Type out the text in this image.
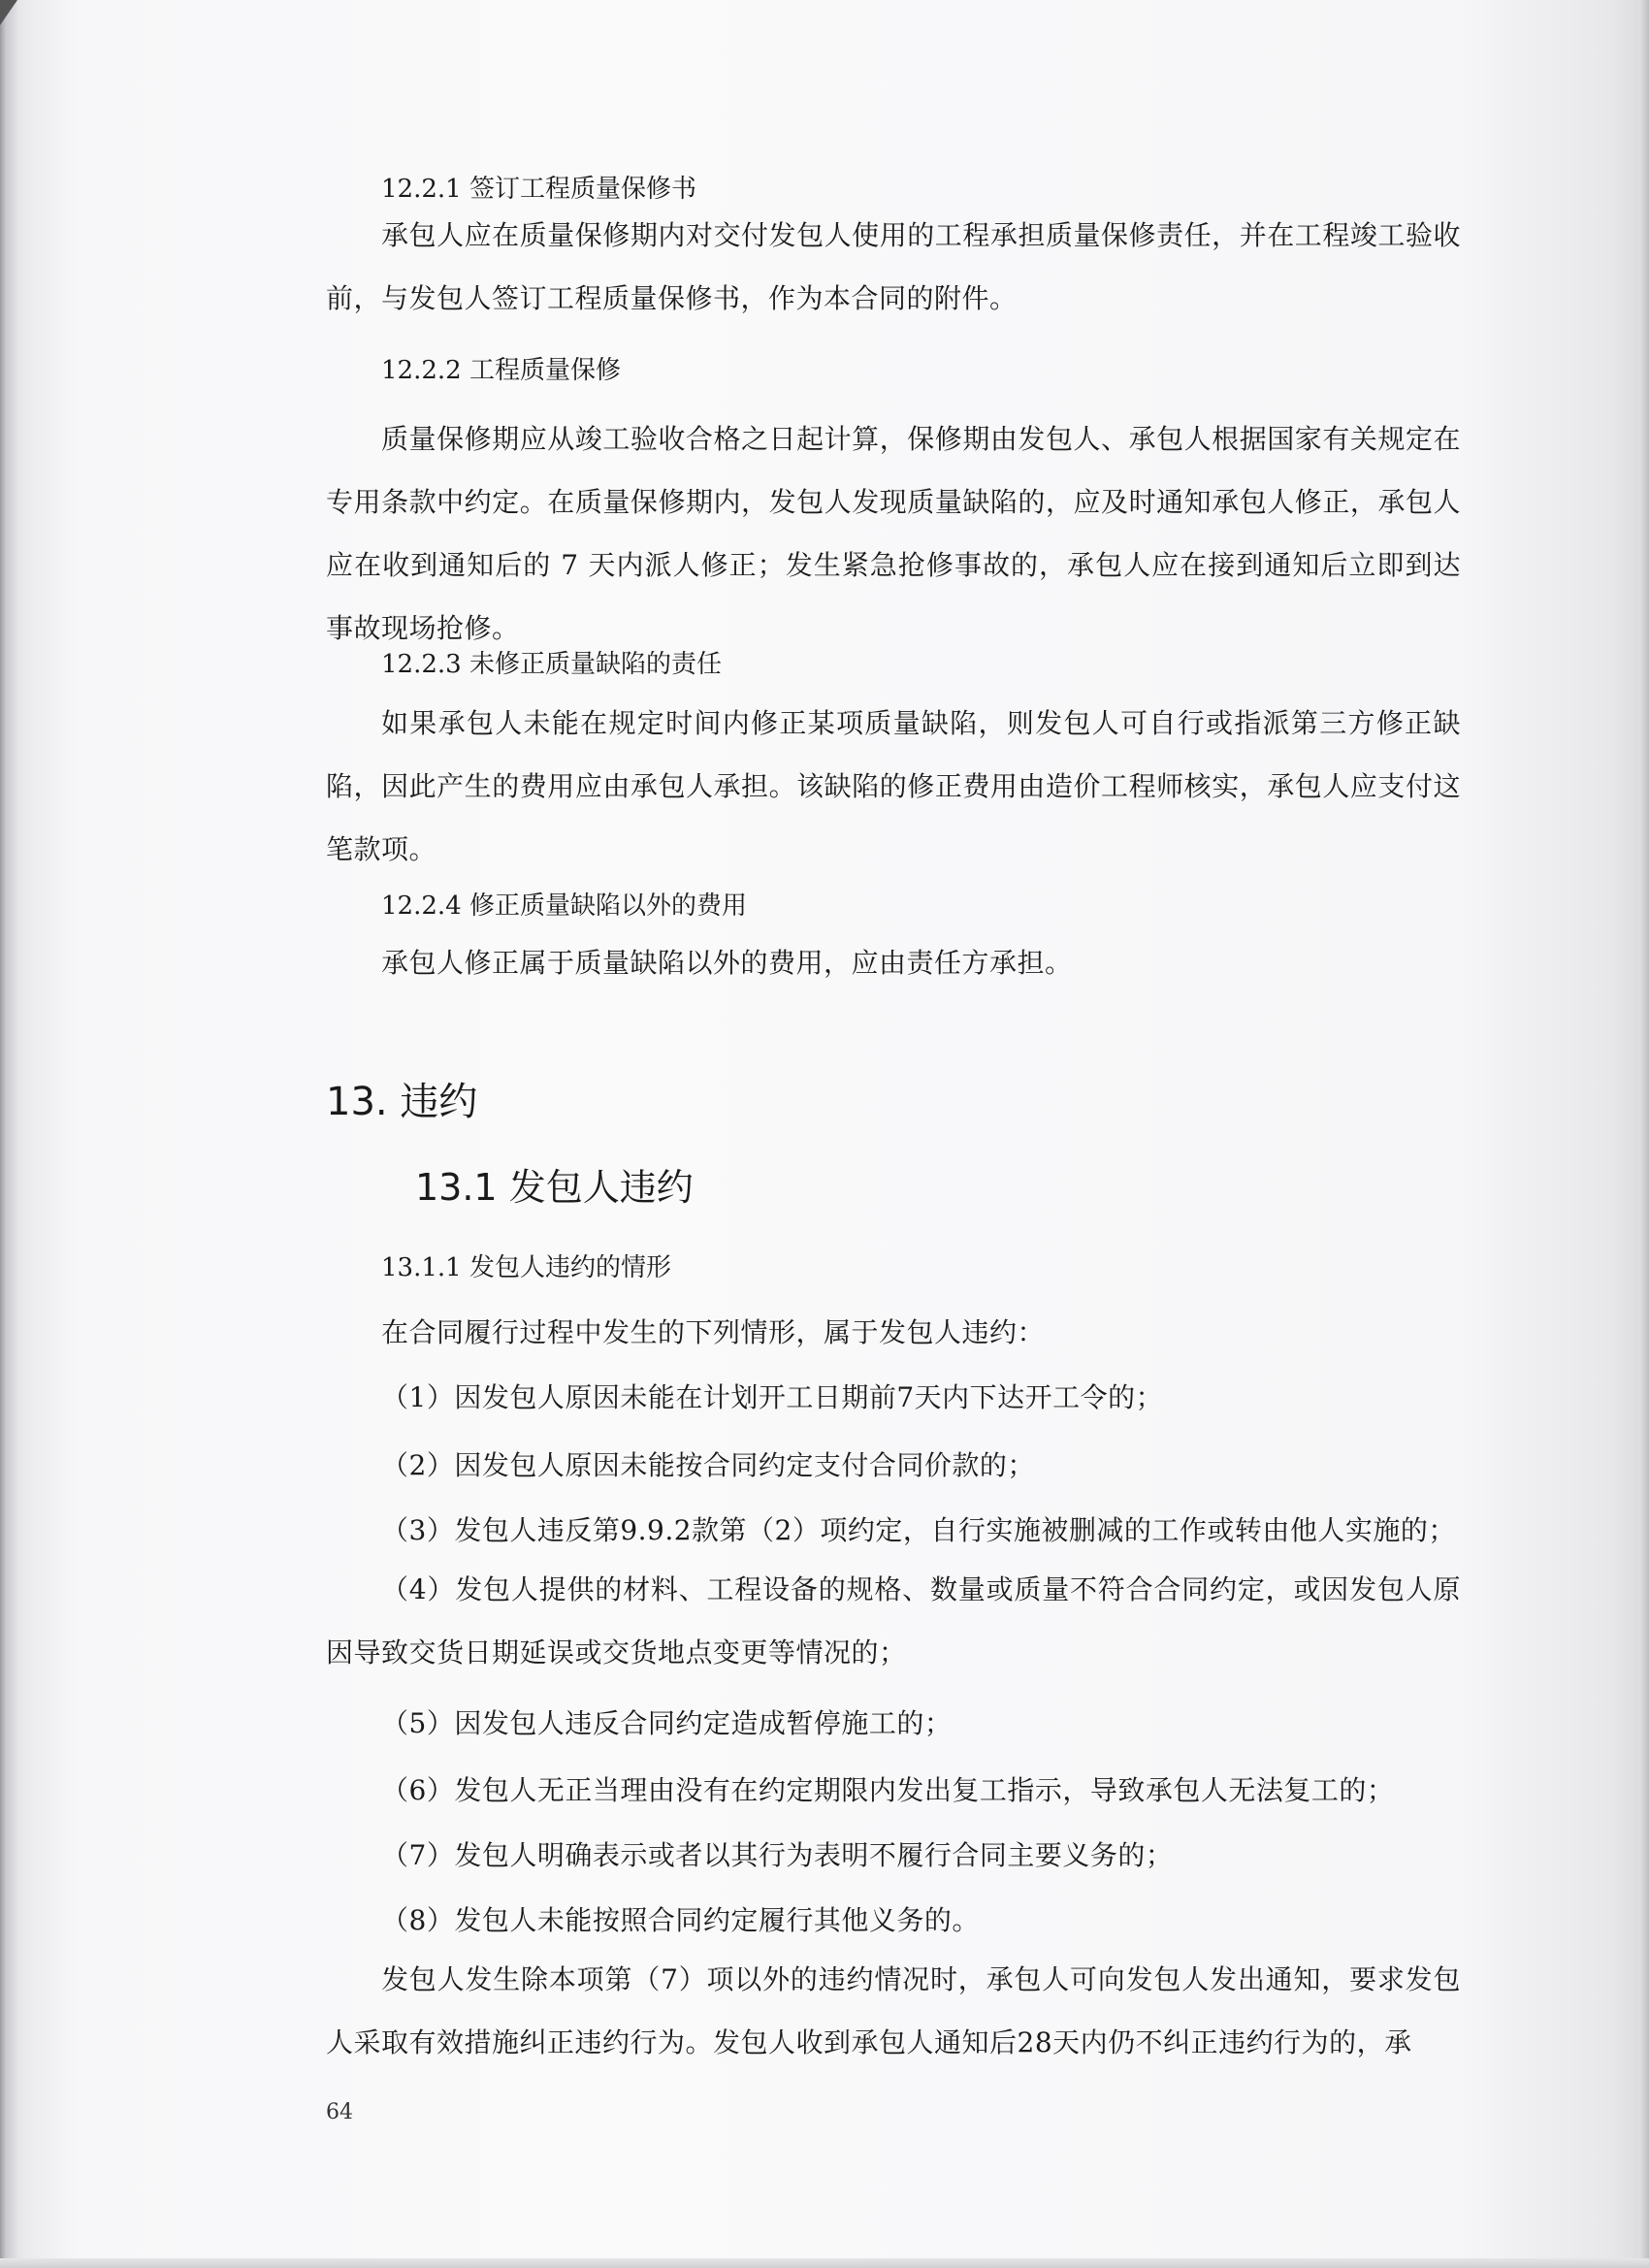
12.2.1 签订工程质量保修书

承包人应在质量保修期内对交付发包人使用的工程承担质量保修责任，并在工程竣工验收前，与发包人签订工程质量保修书，作为本合同的附件。

12.2.2 工程质量保修

质量保修期应从竣工验收合格之日起计算，保修期由发包人、承包人根据国家有关规定在专用条款中约定。在质量保修期内，发包人发现质量缺陷的，应及时通知承包人修正，承包人应在收到通知后的 7 天内派人修正；发生紧急抢修事故的，承包人应在接到通知后立即到达事故现场抢修。

12.2.3 未修正质量缺陷的责任

如果承包人未能在规定时间内修正某项质量缺陷，则发包人可自行或指派第三方修正缺陷，因此产生的费用应由承包人承担。该缺陷的修正费用由造价工程师核实，承包人应支付这笔款项。

12.2.4 修正质量缺陷以外的费用

承包人修正属于质量缺陷以外的费用，应由责任方承担。

13. 违约

13.1 发包人违约

13.1.1 发包人违约的情形

在合同履行过程中发生的下列情形，属于发包人违约：

（1）因发包人原因未能在计划开工日期前7天内下达开工令的；

（2）因发包人原因未能按合同约定支付合同价款的；

（3）发包人违反第9.9.2款第（2）项约定，自行实施被删减的工作或转由他人实施的；

（4）发包人提供的材料、工程设备的规格、数量或质量不符合合同约定，或因发包人原因导致交货日期延误或交货地点变更等情况的；

（5）因发包人违反合同约定造成暂停施工的；

（6）发包人无正当理由没有在约定期限内发出复工指示，导致承包人无法复工的；

（7）发包人明确表示或者以其行为表明不履行合同主要义务的；

（8）发包人未能按照合同约定履行其他义务的。

发包人发生除本项第（7）项以外的违约情况时，承包人可向发包人发出通知，要求发包人采取有效措施纠正违约行为。发包人收到承包人通知后28天内仍不纠正违约行为的，承

64
